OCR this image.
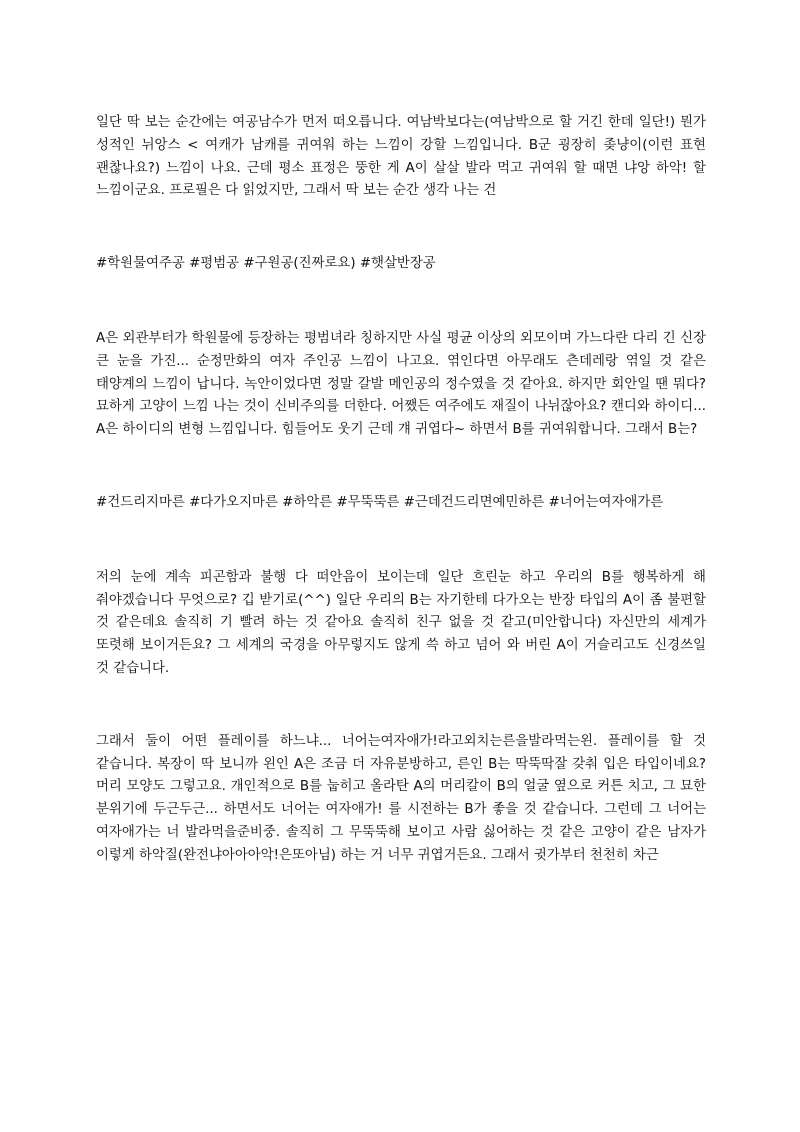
일단 딱 보는 순간에는 여공남수가 먼저 떠오릅니다. 여남박보다는(여남박으로 할 거긴 한데 일단!) 뭔가 성적인 뉘앙스 < 여캐가 남캐를 귀여워 하는 느낌이 강할 느낌입니다. B군 굉장히 좆냥이(이런 표현 괜찮나요?) 느낌이 나요. 근데 평소 표정은 뚱한 게 A이 살살 발라 먹고 귀여워 할 때면 냐앙 하악! 할 느낌이군요. 프로필은 다 읽었지만, 그래서 딱 보는 순간 생각 나는 건

#학원물여주공 #평범공 #구원공(진짜로요) #햇살반장공

A은 외관부터가 학원물에 등장하는 평범녀라 칭하지만 사실 평균 이상의 외모이며 가느다란 다리 긴 신장 큰 눈을 가진... 순정만화의 여자 주인공 느낌이 나고요. 엮인다면 아무래도 츤데레랑 엮일 것 같은 태양계의 느낌이 납니다. 녹안이었다면 정말 갈발 메인공의 정수였을 것 같아요. 하지만 회안일 땐 뭐다? 묘하게 고양이 느낌 나는 것이 신비주의를 더한다. 어쨌든 여주에도 재질이 나뉘잖아요? 캔디와 하이디... A은 하이디의 변형 느낌입니다. 힘들어도 웃기 근데 걔 귀엽다~ 하면서 B를 귀여워합니다. 그래서 B는?

#건드리지마른 #다가오지마른 #하악른 #무뚝뚝른 #근데건드리면예민하른 #너어는여자애가른

저의 눈에 계속 피곤함과 불행 다 떠안음이 보이는데 일단 흐린눈 하고 우리의 B를 행복하게 해 줘야겠습니다 무엇으로? 깁 받기로(^^) 일단 우리의 B는 자기한테 다가오는 반장 타입의 A이 좀 불편할 것 같은데요 솔직히 기 빨려 하는 것 같아요 솔직히 친구 없을 것 같고(미안합니다) 자신만의 세계가 또렷해 보이거든요? 그 세계의 국경을 아무렇지도 않게 쓱 하고 넘어 와 버린 A이 거슬리고도 신경쓰일 것 같습니다.

그래서 둘이 어떤 플레이를 하느냐... 너어는여자애가!라고외치는른을발라먹는왼. 플레이를 할 것 같습니다. 복장이 딱 보니까 왼인 A은 조금 더 자유분방하고, 른인 B는 딱뚝딱잘 갖춰 입은 타입이네요? 머리 모양도 그렇고요. 개인적으로 B를 눕히고 올라탄 A의 머리칼이 B의 얼굴 옆으로 커튼 치고, 그 묘한 분위기에 두근두근... 하면서도 너어는 여자애가! 를 시전하는 B가 좋을 것 같습니다. 그런데 그 너어는 여자애가는 너 발라먹을준비중. 솔직히 그 무뚝뚝해 보이고 사람 싫어하는 것 같은 고양이 같은 남자가 이렇게 하악질(완전냐아아아악!은또아님) 하는 거 너무 귀엽거든요. 그래서 귓가부터 천천히 차근
